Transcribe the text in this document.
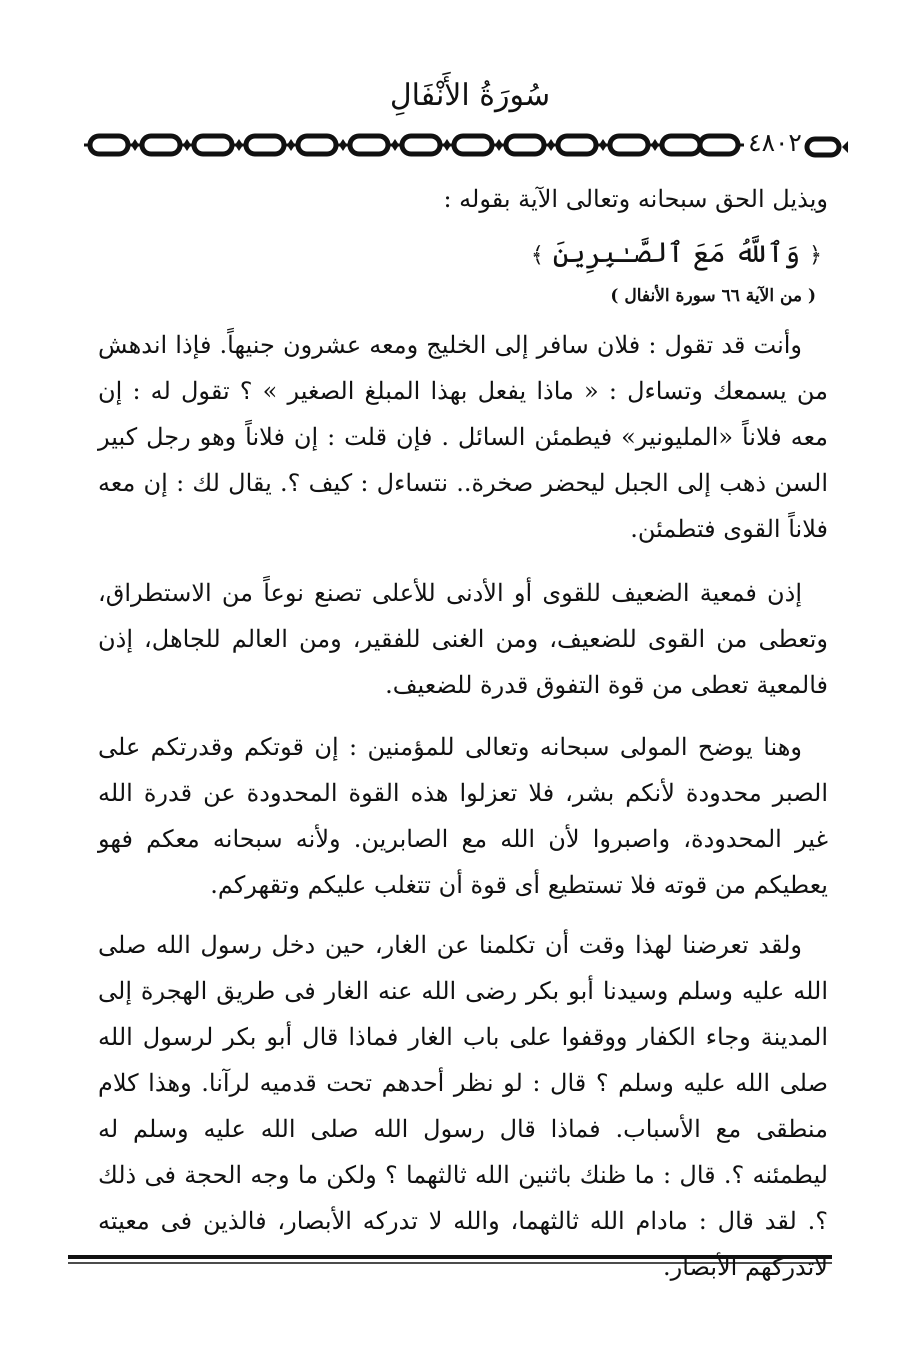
سُورَةُ الأَنْفَالِ
٤٨٠٢
ويذيل الحق سبحانه وتعالى الآية بقوله :
﴿ وَٱللَّهُ مَعَ ٱلصَّـٰبِرِينَ ﴾
( من الآية ٦٦ سورة الأنفال )
وأنت قد تقول : فلان سافر إلى الخليج ومعه عشرون جنيهاً. فإذا اندهش من يسمعك وتساءل : « ماذا يفعل بهذا المبلغ الصغير » ؟ تقول له : إن معه فلاناً «المليونير» فيطمئن السائل . فإن قلت : إن فلاناً وهو رجل كبير السن ذهب إلى الجبل ليحضر صخرة.. نتساءل : كيف ؟. يقال لك : إن معه فلاناً القوى فتطمئن.
إذن فمعية الضعيف للقوى أو الأدنى للأعلى تصنع نوعاً من الاستطراق، وتعطى من القوى للضعيف، ومن الغنى للفقير، ومن العالم للجاهل، إذن فالمعية تعطى من قوة التفوق قدرة للضعيف.
وهنا يوضح المولى سبحانه وتعالى للمؤمنين : إن قوتكم وقدرتكم على الصبر محدودة لأنكم بشر، فلا تعزلوا هذه القوة المحدودة عن قدرة الله غير المحدودة، واصبروا لأن الله مع الصابرين. ولأنه سبحانه معكم فهو يعطيكم من قوته فلا تستطيع أى قوة أن تتغلب عليكم وتقهركم.
ولقد تعرضنا لهذا وقت أن تكلمنا عن الغار، حين دخل رسول الله صلى الله عليه وسلم وسيدنا أبو بكر رضى الله عنه الغار فى طريق الهجرة إلى المدينة وجاء الكفار ووقفوا على باب الغار فماذا قال أبو بكر لرسول الله صلى الله عليه وسلم ؟ قال : لو نظر أحدهم تحت قدميه لرآنا. وهذا كلام منطقى مع الأسباب. فماذا قال رسول الله صلى الله عليه وسلم له ليطمئنه ؟. قال : ما ظنك باثنين الله ثالثهما ؟ ولكن ما وجه الحجة فى ذلك ؟. لقد قال : مادام الله ثالثهما، والله لا تدركه الأبصار، فالذين فى معيته لاتدركهم الأبصار.
